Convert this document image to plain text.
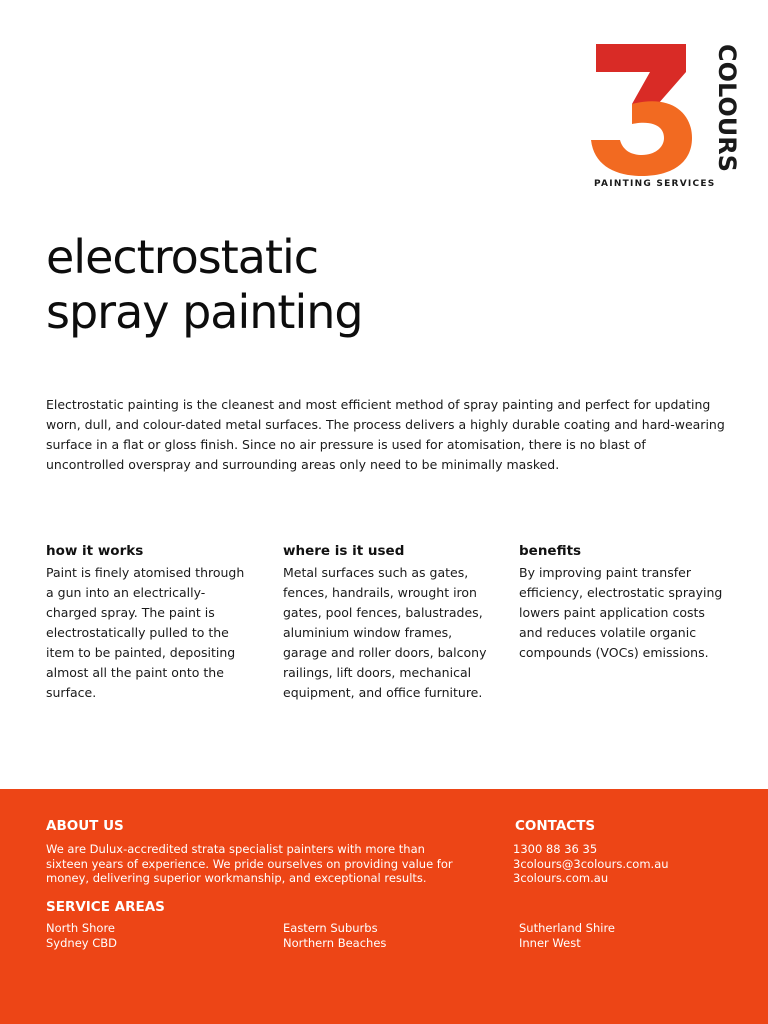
COLOURS
PAINTING SERVICES
electrostatic
spray painting

Electrostatic painting is the cleanest and most efficient method of spray painting and perfect for updating worn, dull, and colour-dated metal surfaces. The process delivers a highly durable coating and hard-wearing surface in a flat or gloss finish. Since no air pressure is used for atomisation, there is no blast of uncontrolled overspray and surrounding areas only need to be minimally masked.

how it works

Paint is finely atomised through a gun into an electrically-charged spray. The paint is electrostatically pulled to the item to be painted, depositing almost all the paint onto the surface.

where is it used

Metal surfaces such as gates, fences, handrails, wrought iron gates, pool fences, balustrades, aluminium window frames, garage and roller doors, balcony railings, lift doors, mechanical equipment, and office furniture.

benefits

By improving paint transfer efficiency, electrostatic spraying lowers paint application costs and reduces volatile organic compounds (VOCs) emissions.

ABOUT US
We are Dulux-accredited strata specialist painters with more than
sixteen years of experience. We pride ourselves on providing value for
money, delivering superior workmanship, and exceptional results.
CONTACTS
1300 88 36 35
3colours@3colours.com.au
3colours.com.au
SERVICE AREAS
North Shore
Sydney CBD
Eastern Suburbs
Northern Beaches
Sutherland Shire
Inner West
